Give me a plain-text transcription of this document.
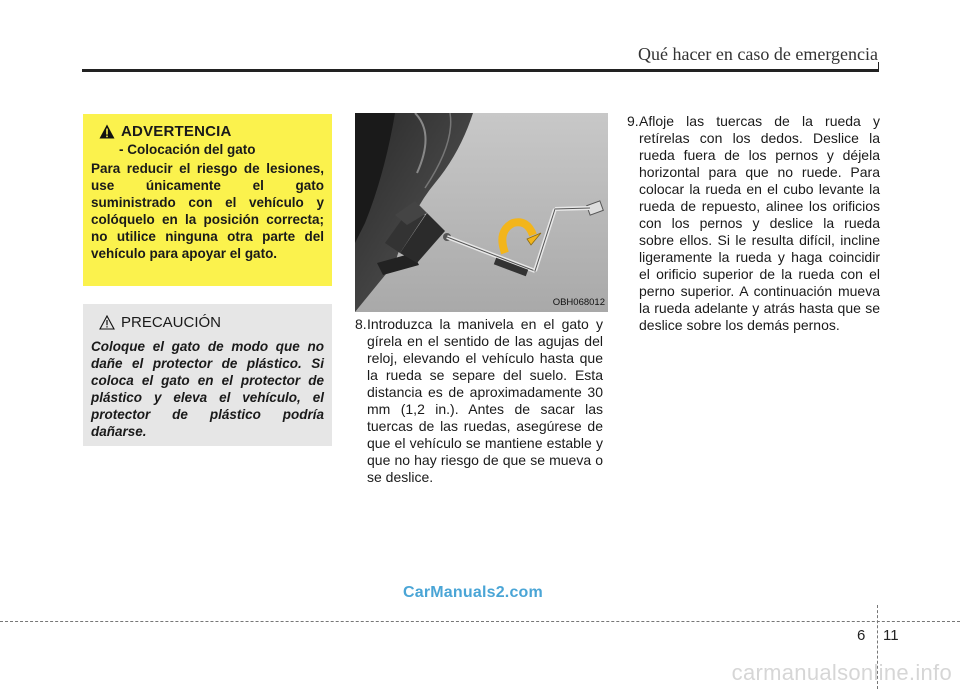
Qué hacer en caso de emergencia
ADVERTENCIA
- Colocación del gato
Para reducir el riesgo de lesiones, use únicamente el gato suministrado con el vehículo y colóquelo en la posición correcta; no utilice ninguna otra parte del vehículo para apoyar el gato.
PRECAUCIÓN
Coloque el gato de modo que no dañe el protector de plástico. Si coloca el gato en el protector de plástico y eleva el vehículo, el protector de plástico podría dañarse.
OBH068012
8. Introduzca la manivela en el gato y gírela en el sentido de las agujas del reloj, elevando el vehículo hasta que la rueda se separe del suelo. Esta distancia es de aproximadamente 30 mm (1,2 in.). Antes de sacar las tuercas de las ruedas, asegúrese de que el vehículo se mantiene estable y que no hay riesgo de que se mueva o se deslice.
9. Afloje las tuercas de la rueda y retírelas con los dedos. Deslice la rueda fuera de los pernos y déjela horizontal para que no ruede. Para colocar la rueda en el cubo levante la rueda de repuesto, alinee los orificios con los pernos y deslice la rueda sobre ellos. Si le resulta difícil, incline ligeramente la rueda y haga coincidir el orificio superior de la rueda con el perno superior. A continuación mueva la rueda adelante y atrás hasta que se deslice sobre los demás pernos.
CarManuals2.com
6 11
carmanualsonline.info
